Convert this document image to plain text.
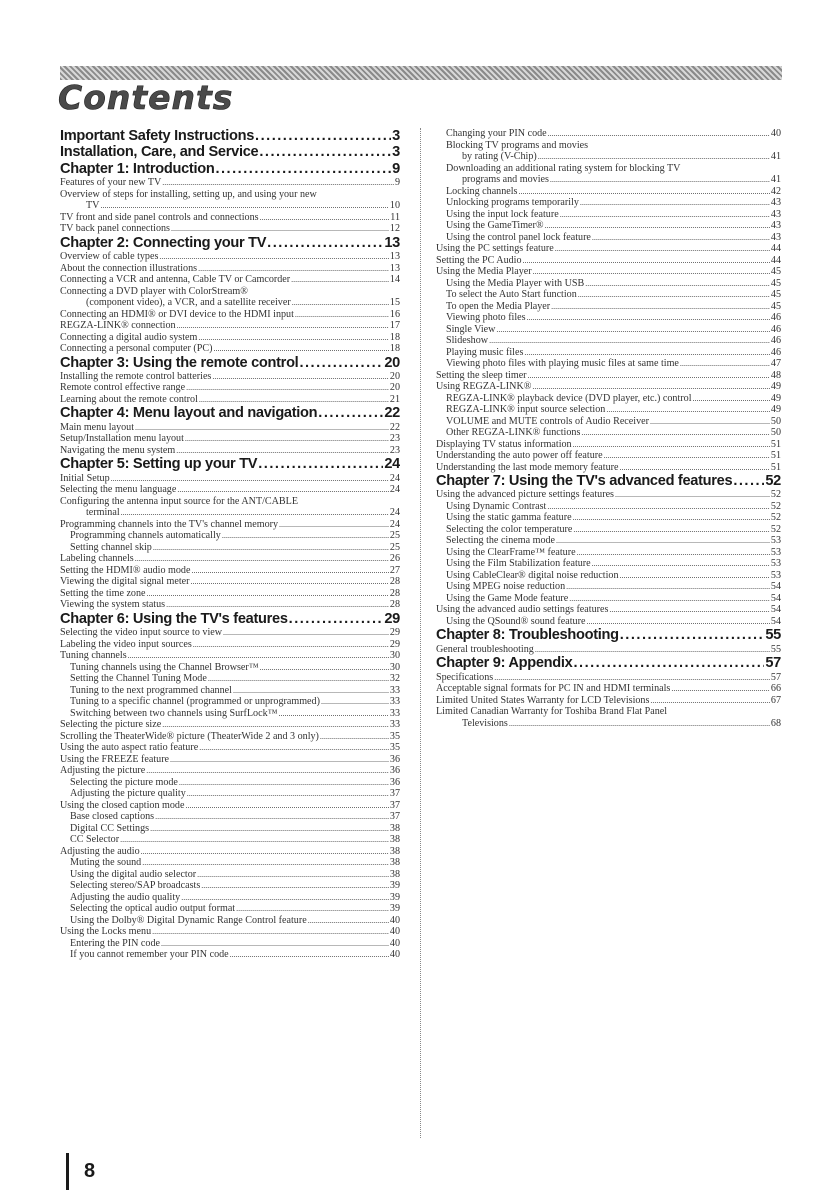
Contents
Important Safety Instructions .....	3
Installation, Care, and Service .....	3
Chapter 1: Introduction .....	9
Features of your new TV .....	9
Overview of steps for installing, setting up, and using your new
TV .....	10
TV front and side panel controls and connections .....	11
TV back panel connections .....	12
Chapter 2: Connecting your TV .....	13
Overview of cable types .....	13
About the connection illustrations .....	13
Connecting a VCR and antenna, Cable TV or Camcorder .....	14
Connecting a DVD player with ColorStream®
(component video), a VCR, and a satellite receiver .....	15
Connecting an HDMI® or DVI device to the HDMI input .....	16
REGZA-LINK® connection .....	17
Connecting a digital audio system .....	18
Connecting a personal computer (PC) .....	18
Chapter 3: Using the remote control .....	20
Installing the remote control batteries .....	20
Remote control effective range .....	20
Learning about the remote control .....	21
Chapter 4: Menu layout and navigation .....	22
Main menu layout .....	22
Setup/Installation menu layout .....	23
Navigating the menu system .....	23
Chapter 5: Setting up your TV .....	24
Initial Setup .....	24
Selecting the menu language .....	24
Configuring the antenna input source for the ANT/CABLE
terminal .....	24
Programming channels into the TV's channel memory .....	24
Programming channels automatically .....	25
Setting channel skip .....	25
Labeling channels .....	26
Setting the HDMI® audio mode .....	27
Viewing the digital signal meter .....	28
Setting the time zone .....	28
Viewing the system status .....	28
Chapter 6: Using the TV's features .....	29
Selecting the video input source to view .....	29
Labeling the video input sources .....	29
Tuning channels .....	30
Tuning channels using the Channel Browser™ .....	30
Setting the Channel Tuning Mode .....	32
Tuning to the next programmed channel .....	33
Tuning to a specific channel (programmed or unprogrammed) .....	33
Switching between two channels using SurfLock™ .....	33
Selecting the picture size .....	33
Scrolling the TheaterWide® picture (TheaterWide 2 and 3 only) .....	35
Using the auto aspect ratio feature .....	35
Using the FREEZE feature .....	36
Adjusting the picture .....	36
Selecting the picture mode .....	36
Adjusting the picture quality .....	37
Using the closed caption mode .....	37
Base closed captions .....	37
Digital CC Settings .....	38
CC Selector .....	38
Adjusting the audio .....	38
Muting the sound .....	38
Using the digital audio selector .....	38
Selecting stereo/SAP broadcasts .....	39
Adjusting the audio quality .....	39
Selecting the optical audio output format .....	39
Using the Dolby® Digital Dynamic Range Control feature .....	40
Using the Locks menu .....	40
Entering the PIN code .....	40
If you cannot remember your PIN code .....	40
Changing your PIN code .....	40
Blocking TV programs and movies
by rating (V-Chip) .....	41
Downloading an additional rating system for blocking TV
programs and movies .....	41
Locking channels .....	42
Unlocking programs temporarily .....	43
Using the input lock feature .....	43
Using the GameTimer® .....	43
Using the control panel lock feature .....	43
Using the PC settings feature .....	44
Setting the PC Audio .....	44
Using the Media Player .....	45
Using the Media Player with USB .....	45
To select the Auto Start function .....	45
To open the Media Player .....	45
Viewing photo files .....	46
Single View .....	46
Slideshow .....	46
Playing music files .....	46
Viewing photo files with playing music files at same time .....	47
Setting the sleep timer .....	48
Using REGZA-LINK® .....	49
REGZA-LINK® playback device (DVD player, etc.) control .....	49
REGZA-LINK® input source selection .....	49
VOLUME and MUTE controls of Audio Receiver .....	50
Other REGZA-LINK® functions .....	50
Displaying TV status information .....	51
Understanding the auto power off feature .....	51
Understanding the last mode memory feature .....	51
Chapter 7: Using the TV's advanced features ..... 52
Using the advanced picture settings features .....	52
Using Dynamic Contrast .....	52
Using the static gamma feature .....	52
Selecting the color temperature .....	52
Selecting the cinema mode .....	53
Using the ClearFrame™ feature .....	53
Using the Film Stabilization feature .....	53
Using CableClear® digital noise reduction .....	53
Using MPEG noise reduction .....	54
Using the Game Mode feature .....	54
Using the advanced audio settings features .....	54
Using the QSound® sound feature .....	54
Chapter 8: Troubleshooting .....	55
General troubleshooting .....	55
Chapter 9: Appendix .....	57
Specifications .....	57
Acceptable signal formats for PC IN and HDMI terminals .....	66
Limited United States Warranty for LCD Televisions .....	67
Limited Canadian Warranty for Toshiba Brand Flat Panel
Televisions .....	68
8
